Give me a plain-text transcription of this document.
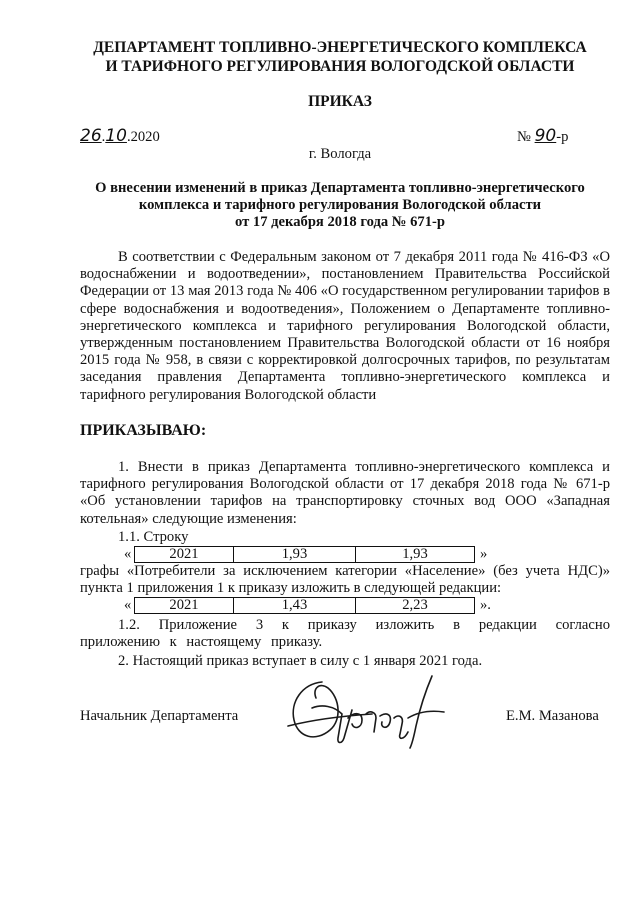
ДЕПАРТАМЕНТ ТОПЛИВНО-ЭНЕРГЕТИЧЕСКОГО КОМПЛЕКСА
И ТАРИФНОГО РЕГУЛИРОВАНИЯ ВОЛОГОДСКОЙ ОБЛАСТИ
ПРИКАЗ
26.10.2020	№ 90-р
г. Вологда
О внесении изменений в приказ Департамента топливно-энергетического
комплекса и тарифного регулирования Вологодской области
от 17 декабря 2018 года № 671-р
В соответствии с Федеральным законом от 7 декабря 2011 года № 416-ФЗ «О водоснабжении и водоотведении», постановлением Правительства Российской Федерации от 13 мая 2013 года № 406 «О государственном регулировании тарифов в сфере водоснабжения и водоотведения», Положением о Департаменте топливно-энергетического комплекса и тарифного регулирования Вологодской области, утвержденным постановлением Правительства Вологодской области от 16 ноября 2015 года № 958, в связи с корректировкой долгосрочных тарифов, по результатам заседания правления Департамента топливно-энергетического комплекса и тарифного регулирования Вологодской области
ПРИКАЗЫВАЮ:
1. Внести в приказ Департамента топливно-энергетического комплекса и тарифного регулирования Вологодской области от 17 декабря 2018 года № 671-р «Об установлении тарифов на транспортировку сточных вод ООО «Западная котельная» следующие изменения:
1.1. Строку
«	2021	1,93	1,93	»
графы «Потребители за исключением категории «Население» (без учета НДС)»
пункта 1 приложения 1 к приказу изложить в следующей редакции:
«	2021	1,43	2,23	».
1.2. Приложение 3 к приказу изложить в редакции согласно приложению к настоящему приказу.
2. Настоящий приказ вступает в силу с 1 января 2021 года.
Начальник Департамента	Е.М. Мазанова
